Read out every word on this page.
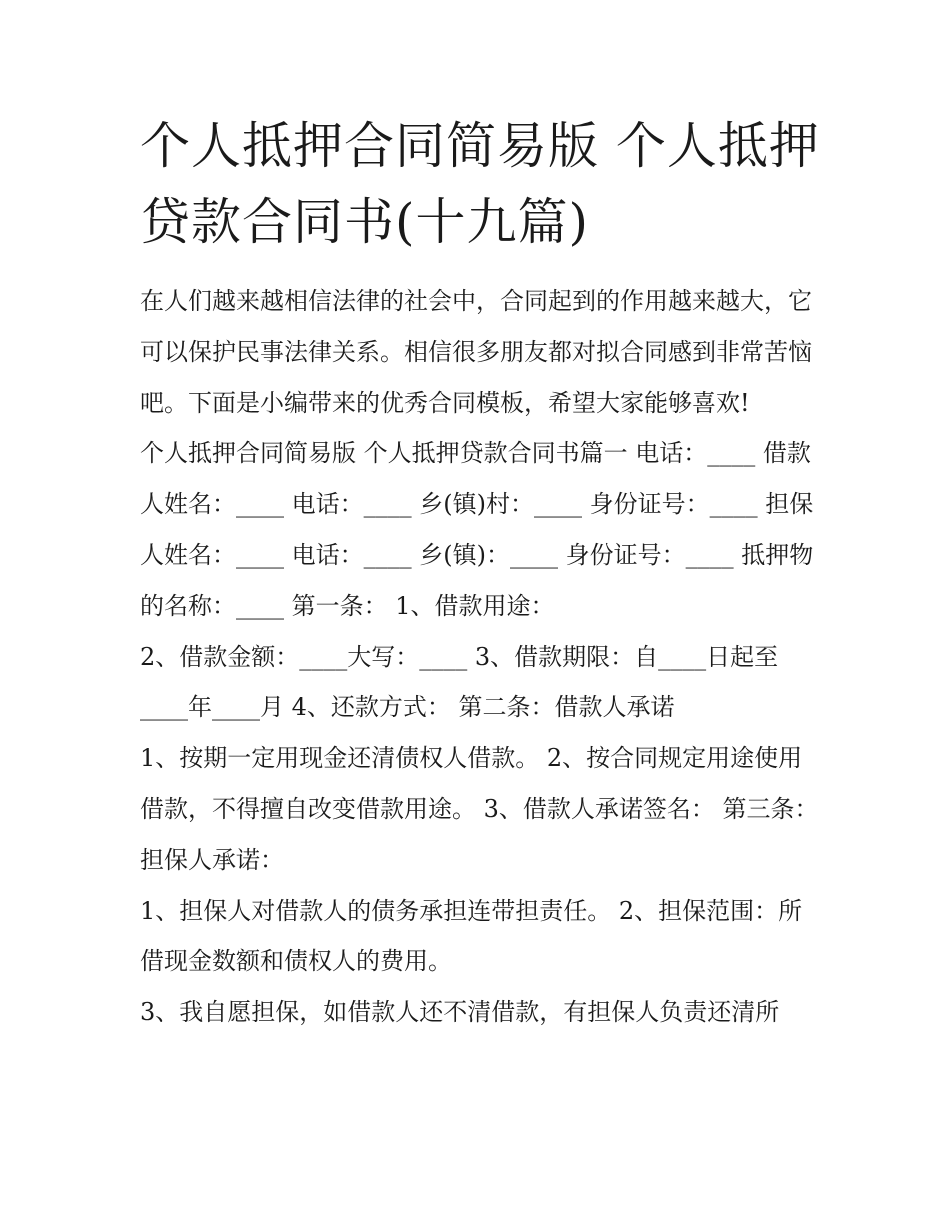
个人抵押合同简易版 个人抵押
贷款合同书(十九篇)

在人们越来越相信法律的社会中，合同起到的作用越来越大，它可以保护民事法律关系。相信很多朋友都对拟合同感到非常苦恼吧。下面是小编带来的优秀合同模板，希望大家能够喜欢!

个人抵押合同简易版 个人抵押贷款合同书篇一 电话：____ 借款人姓名：____ 电话：____ 乡(镇)村：____ 身份证号：____ 担保人姓名：____ 电话：____ 乡(镇)：____ 身份证号：____ 抵押物的名称：____ 第一条： 1、借款用途：

2、借款金额：____大写：____ 3、借款期限：自____日起至____年____月 4、还款方式： 第二条：借款人承诺

1、按期一定用现金还清债权人借款。 2、按合同规定用途使用借款，不得擅自改变借款用途。 3、借款人承诺签名： 第三条：担保人承诺：

1、担保人对借款人的债务承担连带担责任。 2、担保范围：所借现金数额和债权人的费用。

3、我自愿担保，如借款人还不清借款，有担保人负责还清所
